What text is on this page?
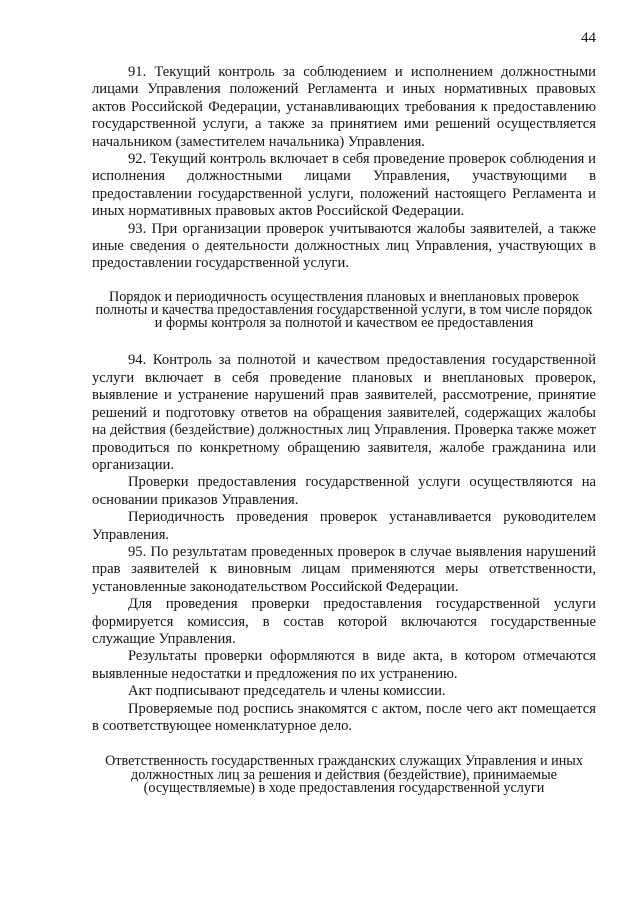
44

91. Текущий контроль за соблюдением и исполнением должностными лицами Управления положений Регламента и иных нормативных правовых актов Российской Федерации, устанавливающих требования к предоставлению государственной услуги, а также за принятием ими решений осуществляется начальником (заместителем начальника) Управления.

92. Текущий контроль включает в себя проведение проверок соблюдения и исполнения должностными лицами Управления, участвующими в предоставлении государственной услуги, положений настоящего Регламента и иных нормативных правовых актов Российской Федерации.

93. При организации проверок учитываются жалобы заявителей, а также иные сведения о деятельности должностных лиц Управления, участвующих в предоставлении государственной услуги.

Порядок и периодичность осуществления плановых и внеплановых проверок полноты и качества предоставления государственной услуги, в том числе порядок и формы контроля за полнотой и качеством ее предоставления

94. Контроль за полнотой и качеством предоставления государственной услуги включает в себя проведение плановых и внеплановых проверок, выявление и устранение нарушений прав заявителей, рассмотрение, принятие решений и подготовку ответов на обращения заявителей, содержащих жалобы на действия (бездействие) должностных лиц Управления. Проверка также может проводиться по конкретному обращению заявителя, жалобе гражданина или организации.

Проверки предоставления государственной услуги осуществляются на основании приказов Управления.

Периодичность проведения проверок устанавливается руководителем Управления.

95. По результатам проведенных проверок в случае выявления нарушений прав заявителей к виновным лицам применяются меры ответственности, установленные законодательством Российской Федерации.

Для проведения проверки предоставления государственной услуги формируется комиссия, в состав которой включаются государственные служащие Управления.

Результаты проверки оформляются в виде акта, в котором отмечаются выявленные недостатки и предложения по их устранению.

Акт подписывают председатель и члены комиссии.

Проверяемые под роспись знакомятся с актом, после чего акт помещается в соответствующее номенклатурное дело.

Ответственность государственных гражданских служащих Управления и иных должностных лиц за решения и действия (бездействие), принимаемые (осуществляемые) в ходе предоставления государственной услуги
